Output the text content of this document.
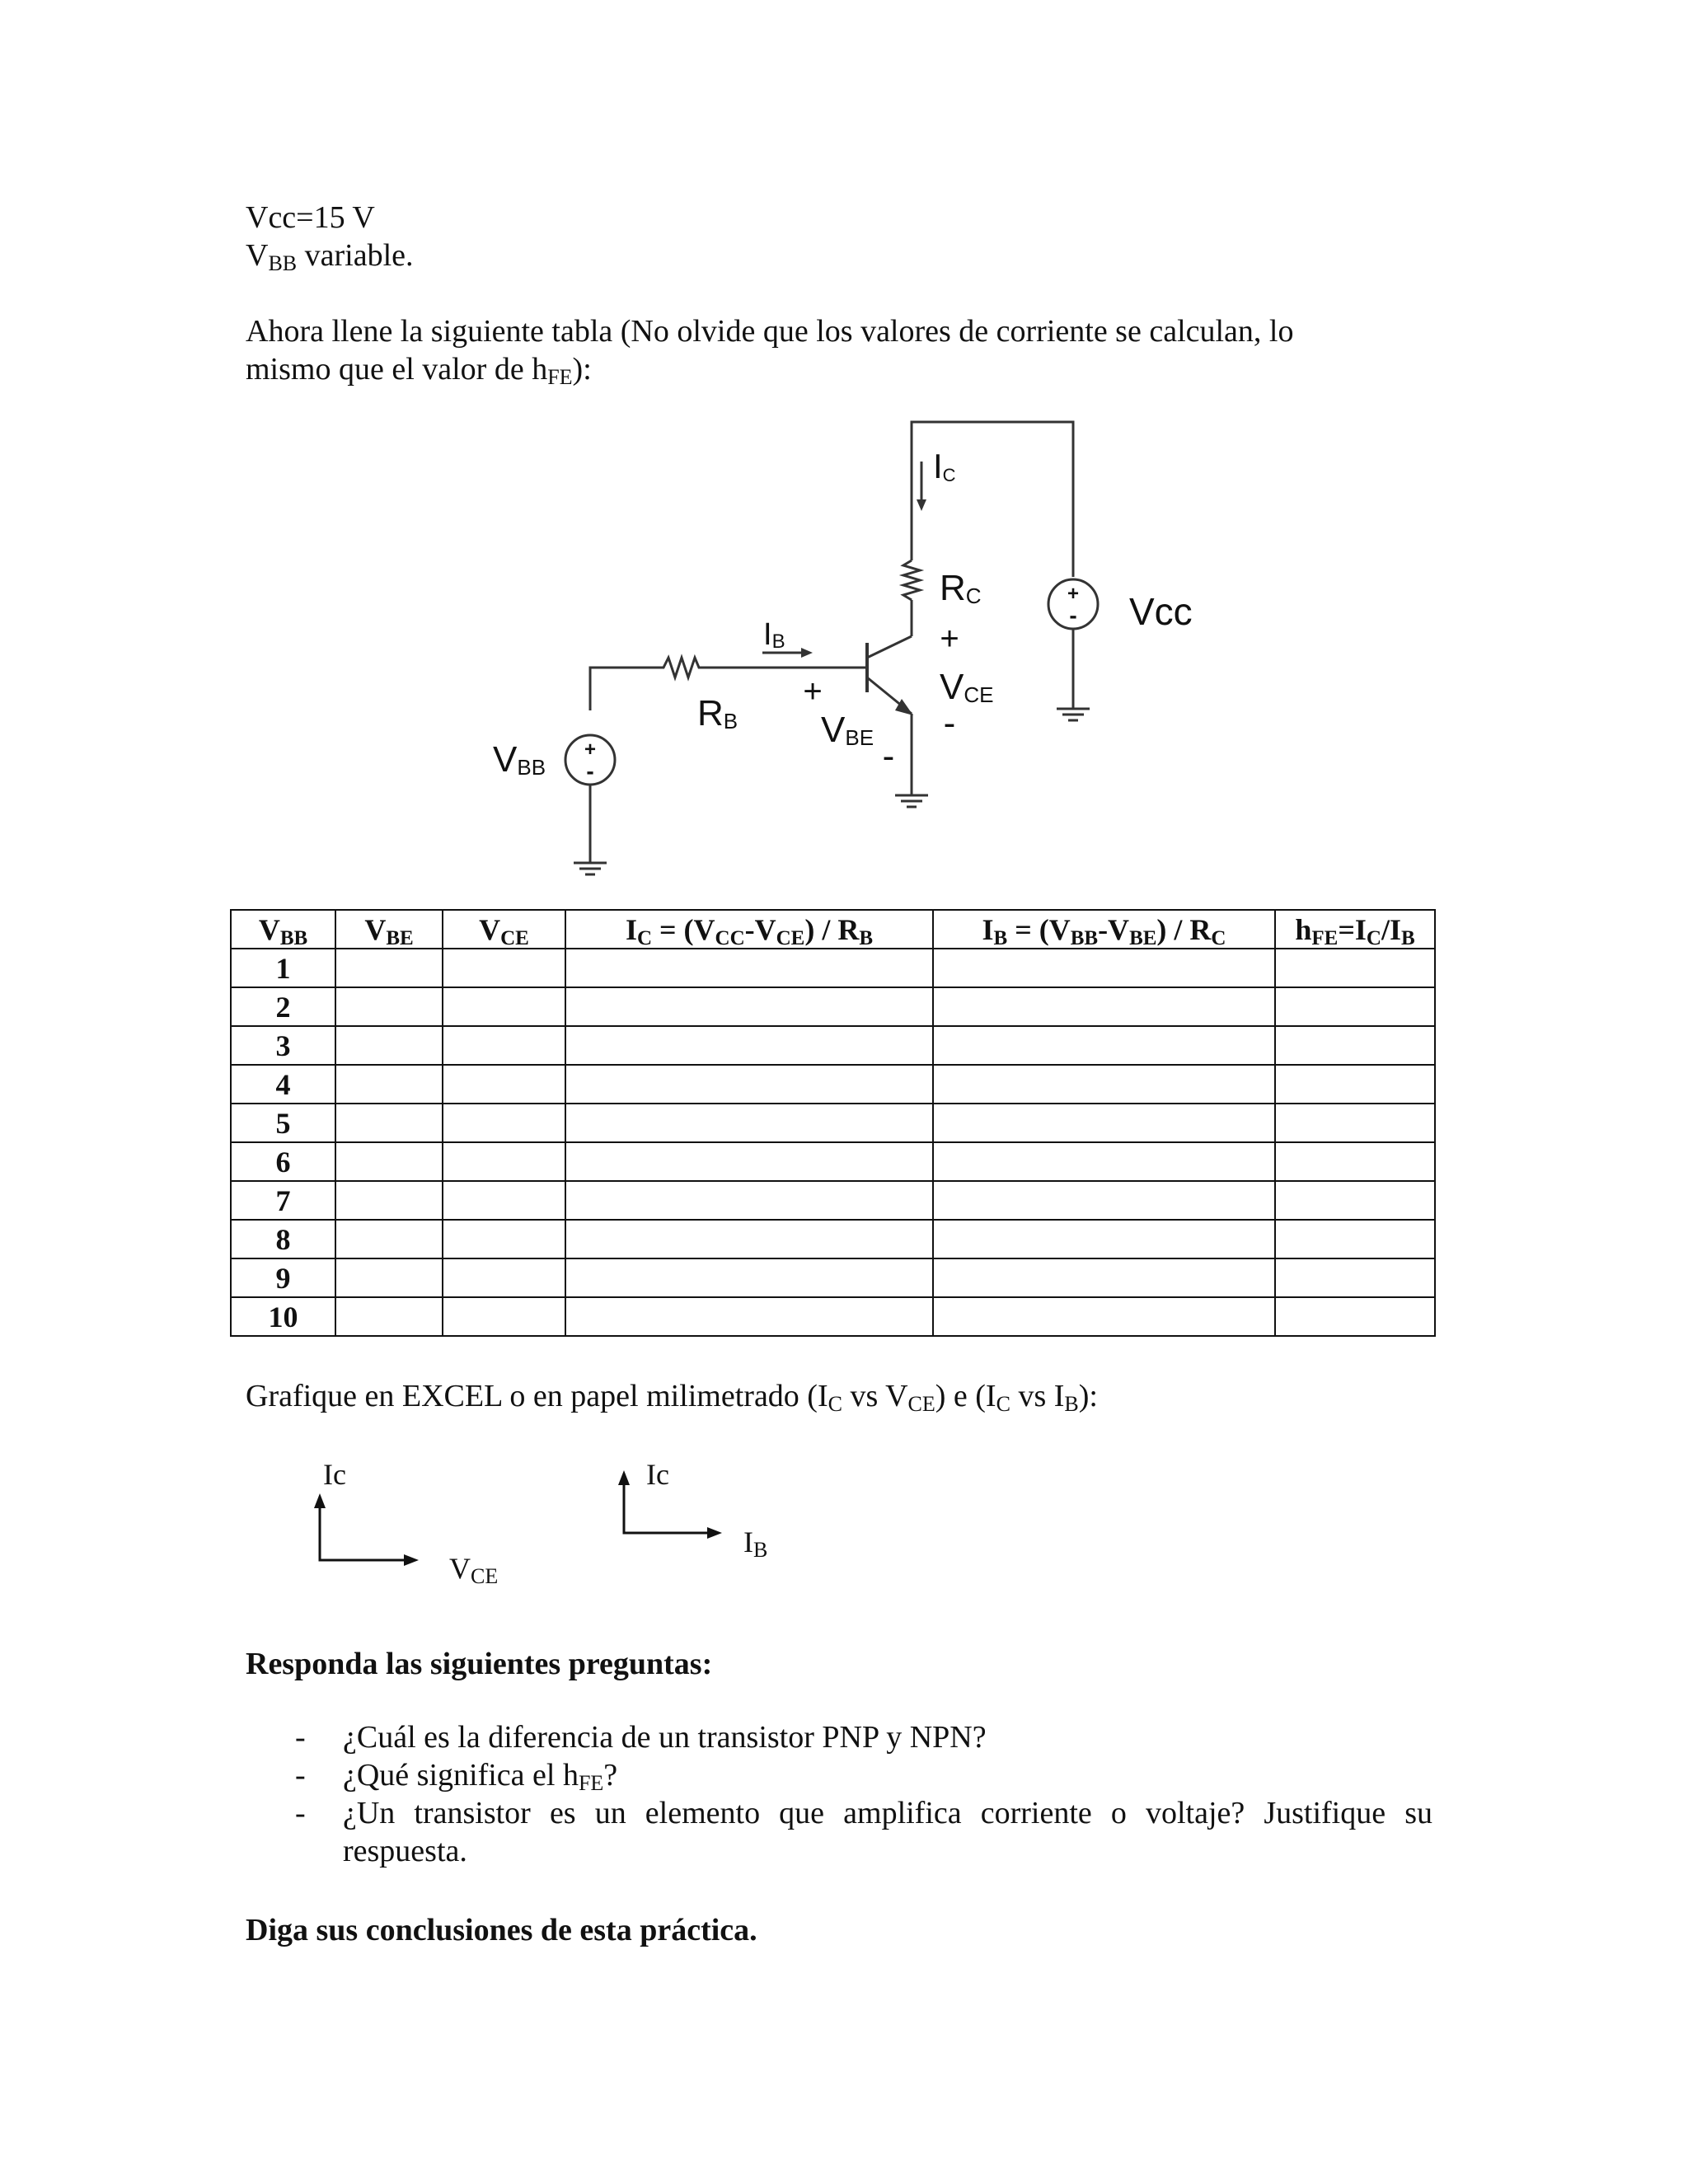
Vcc=15 V
$V_{BB}$ variable.
Ahora llene la siguiente tabla (No olvide que los valores de corriente se calculan, lo
mismo que el valor de $h_{FE}$):
+
-
+
-
IC
RC
+
VCE
-
Vcc
IB
RB
+
VBE -
VBB
$V_{BB}$	$V_{BE}$	$V_{CE}$	$I_C = (V_{CC}-V_{CE}) / R_B$	$I_B = (V_{BB}-V_{BE}) / R_C$	$h_{FE}=I_C/I_B$
1					
2					
3					
4					
5					
6					
7					
8					
9					
10					
Grafique en EXCEL o en papel milimetrado ($I_C$ vs $V_{CE}$) e ($I_C$ vs $I_B$):
Ic
$V_{CE}$
Ic
$I_B$
Responda las siguientes preguntas:
- ¿Cuál es la diferencia de un transistor PNP y NPN?
- ¿Qué significa el $h_{FE}$?
- ¿Un transistor es un elemento que amplifica corriente o voltaje? Justifique su respuesta.
Diga sus conclusiones de esta práctica.
